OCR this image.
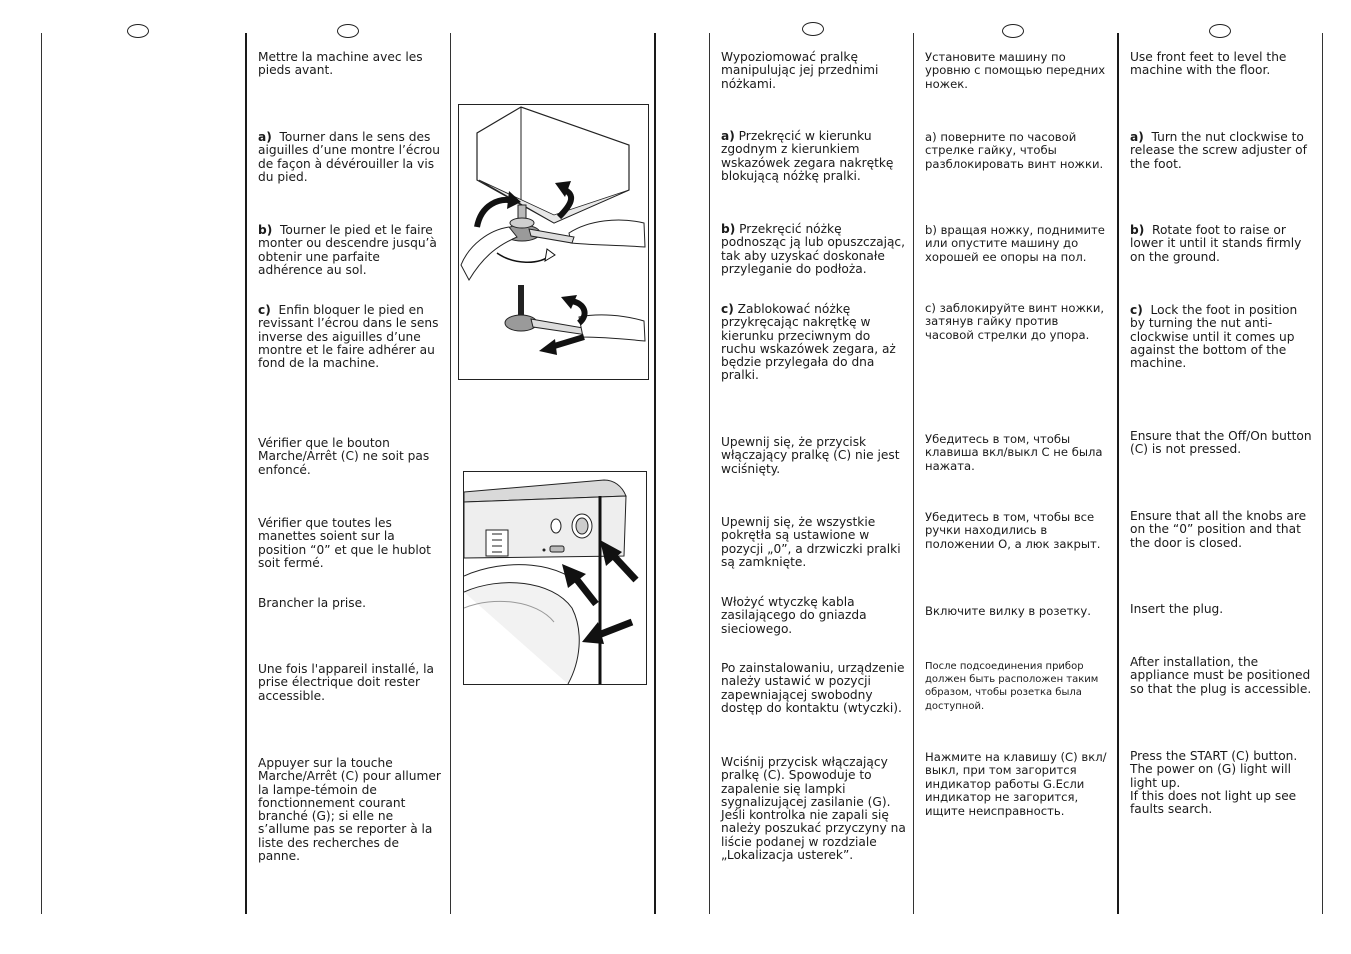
Mettre la machine avec les pieds avant.

a) Tourner dans le sens des aiguilles d’une montre l’écrou de façon à dévérouiller la vis du pied.

b) Tourner le pied et le faire monter ou descendre jusqu’à obtenir une parfaite adhérence au sol.

c) Enfin bloquer le pied en revissant l’écrou dans le sens inverse des aiguilles d’une montre et le faire adhérer au fond de la machine.

Vérifier que le bouton Marche/Arrêt (C) ne soit pas enfoncé.

Vérifier que toutes les manettes soient sur la position “0” et que le hublot soit fermé.

Brancher la prise.

Une fois l'appareil installé, la prise électrique doit rester accessible.

Appuyer sur la touche Marche/Arrêt (C) pour allumer la lampe-témoin de fonctionnement courant branché (G); si elle ne s’allume pas se reporter à la liste des recherches de panne.

Wypoziomować pralkę manipulując jej przednimi nóżkami.

a) Przekręcić w kierunku zgodnym z kierunkiem wskazówek zegara nakrętkę blokującą nóżkę pralki.

b) Przekręcić nóżkę podnosząc ją lub opuszczając, tak aby uzyskać doskonałe przyleganie do podłoża.

c) Zablokować nóżkę przykręcając nakrętkę w kierunku przeciwnym do ruchu wskazówek zegara, aż będzie przylegała do dna pralki.

Upewnij się, że przycisk włączający pralkę (C) nie jest wciśnięty.

Upewnij się, że wszystkie pokrętła są ustawione w pozycji „0”, a drzwiczki pralki są zamknięte.

Włożyć wtyczkę kabla zasilającego do gniazda sieciowego.

Po zainstalowaniu, urządzenie należy ustawić w pozycji zapewniającej swobodny dostęp do kontaktu (wtyczki).

Wciśnij przycisk włączający pralkę (C). Spowoduje to zapalenie się lampki sygnalizującej zasilanie (G). Jeśli kontrolka nie zapali się należy poszukać przyczyny na liście podanej w rozdziale „Lokalizacja usterek”.

Установите машину по уровню с помощью передних ножек.

а) поверните по часовой стрелке гайку, чтобы разблокировать винт ножки.

b) вращая ножку, поднимите или опустите машину до хорошей ее опоры на пол.

c) заблокируйте винт ножки, затянув гайку против часовой стрелки до упора.

Убедитесь в том, чтобы клавиша вкл/выкл С не была нажата.

Убедитесь в том, чтобы все ручки находились в положении О, а люк закрыт.

Включите вилку в розетку.

После подсоединения прибор должен быть расположен таким образом, чтобы розетка была доступной.

Нажмите на клавишу (С) вкл/выкл, при том загорится индикатор работы G.Если индикатор не загорится, ищите неисправность.

Use front feet to level the machine with the floor.

a) Turn the nut clockwise to release the screw adjuster of the foot.

b) Rotate foot to raise or lower it until it stands firmly on the ground.

c) Lock the foot in position by turning the nut anti-clockwise until it comes up against the bottom of the machine.

Ensure that the Off/On button (C) is not pressed.

Ensure that all the knobs are on the “0” position and that the door is closed.

Insert the plug.

After installation, the appliance must be positioned so that the plug is accessible.

Press the START (C) button. The power on (G) light will light up.
If this does not light up see faults search.
